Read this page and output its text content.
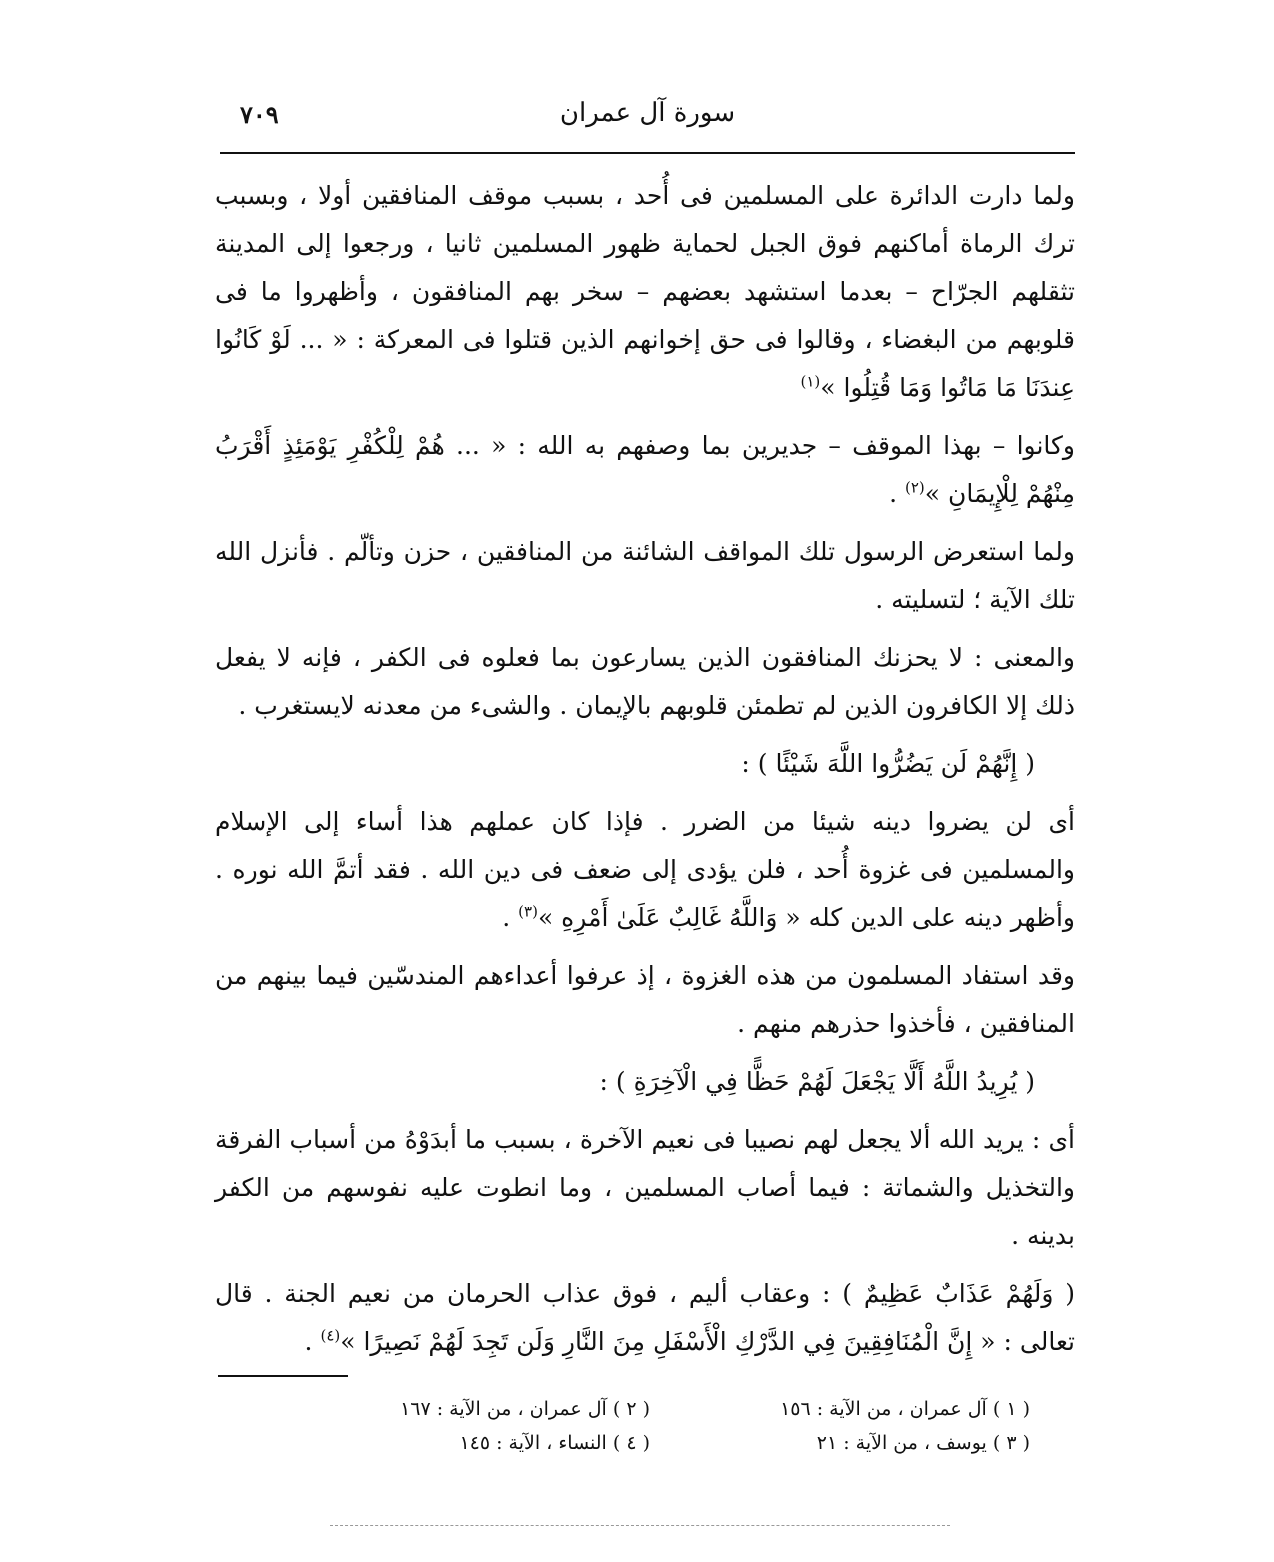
٧٠٩	سورة آل عمران

ولما دارت الدائرة على المسلمين فى أُحد ، بسبب موقف المنافقين أولا ، وبسبب ترك الرماة أماكنهم فوق الجبل لحماية ظهور المسلمين ثانيا ، ورجعوا إلى المدينة تثقلهم الجرّاح – بعدما استشهد بعضهم – سخر بهم المنافقون ، وأظهروا ما فى قلوبهم من البغضاء ، وقالوا فى حق إخوانهم الذين قتلوا فى المعركة : « ... لَوْ كَانُوا عِندَنَا مَا مَاتُوا وَمَا قُتِلُوا »$^{(١)}$

وكانوا – بهذا الموقف – جديرين بما وصفهم به الله : « ... هُمْ لِلْكُفْرِ يَوْمَئِذٍ أَقْرَبُ مِنْهُمْ لِلْإِيمَانِ »$^{(٢)}$ .

ولما استعرض الرسول تلك المواقف الشائنة من المنافقين ، حزن وتألّم . فأنزل الله تلك الآية ؛ لتسليته .

والمعنى : لا يحزنك المنافقون الذين يسارعون بما فعلوه فى الكفر ، فإنه لا يفعل ذلك إلا الكافرون الذين لم تطمئن قلوبهم بالإيمان . والشىء من معدنه لايستغرب .

( إِنَّهُمْ لَن يَضُرُّوا اللَّهَ شَيْئًا ) :

أى لن يضروا دينه شيئا من الضرر . فإذا كان عملهم هذا أساء إلى الإسلام والمسلمين فى غزوة أُحد ، فلن يؤدى إلى ضعف فى دين الله . فقد أتمَّ الله نوره . وأظهر دينه على الدين كله « وَاللَّهُ غَالِبٌ عَلَىٰ أَمْرِهِ »$^{(٣)}$ .

وقد استفاد المسلمون من هذه الغزوة ، إذ عرفوا أعداءهم المندسّين فيما بينهم من المنافقين ، فأخذوا حذرهم منهم .

( يُرِيدُ اللَّهُ أَلَّا يَجْعَلَ لَهُمْ حَظًّا فِي الْآخِرَةِ ) :

أى : يريد الله ألا يجعل لهم نصيبا فى نعيم الآخرة ، بسبب ما أبدَوْهُ من أسباب الفرقة والتخذيل والشماتة : فيما أصاب المسلمين ، وما انطوت عليه نفوسهم من الكفر بدينه .

( وَلَهُمْ عَذَابٌ عَظِيمٌ ) : وعقاب أليم ، فوق عذاب الحرمان من نعيم الجنة . قال تعالى : « إِنَّ الْمُنَافِقِينَ فِي الدَّرْكِ الْأَسْفَلِ مِنَ النَّارِ وَلَن تَجِدَ لَهُمْ نَصِيرًا »$^{(٤)}$ .

( ١ ) آل عمران ، من الآية : ١٥٦
( ٢ ) آل عمران ، من الآية : ١٦٧
( ٣ ) يوسف ، من الآية : ٢١
( ٤ ) النساء ، الآية : ١٤٥
